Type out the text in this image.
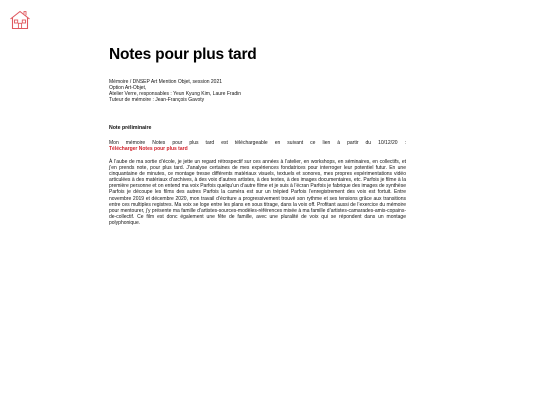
Notes pour plus tard
Mémoire / DNSEP Art Mention Objet, session 2021
Option Art-Objet,
Atelier Verre, responsables : Yeun Kyung Kim, Laure Fradin
Tuteur de mémoire : Jean-François Gavoty
Note préliminaire
Mon mémoire Notes pour plus tard est téléchargeable en suivant ce lien à partir du 10/12/20 :
Télécharger Notes pour plus tard

À l’aube de ma sortie d’école, je jette un regard rétrospectif sur ces années à l’atelier, en workshops, en séminaires, en collectifs, et j’en prends note, pour plus tard. J’analyse certaines de mes expériences fondatrices pour interroger leur potentiel futur. En une cinquantaine de minutes, ce montage tresse différents matériaux visuels, textuels et sonores, mes propres expérimentations vidéo articulées à des matériaux d’archives, à des voix d’autres artistes, à des textes, à des images documentaires, etc. Parfois je filme à la première personne et on entend ma voix Parfois quelqu’un d’autre filme et je suis à l’écran Parfois je fabrique des images de synthèse Parfois je découpe les films des autres Parfois la caméra est sur un trépied Parfois l’enregistrement des voix est fortuit. Entre novembre 2019 et décembre 2020, mon travail d’écriture a progressivement trouvé son rythme et ses tensions grâce aux transitions entre ces multiples registres. Ma voix se loge entre les plans en sous titrage, dans la voix off. Profitant aussi de l’exercice du mémoire pour mentourer, j’y présente ma famille d’artistes-sources-modèles-références mixée à ma famille d’artistes-camarades-amis-copains-de-collectif. Ce film est donc également une fête de famille, avec une pluralité de voix qui se répondent dans un montage polyphonique.
